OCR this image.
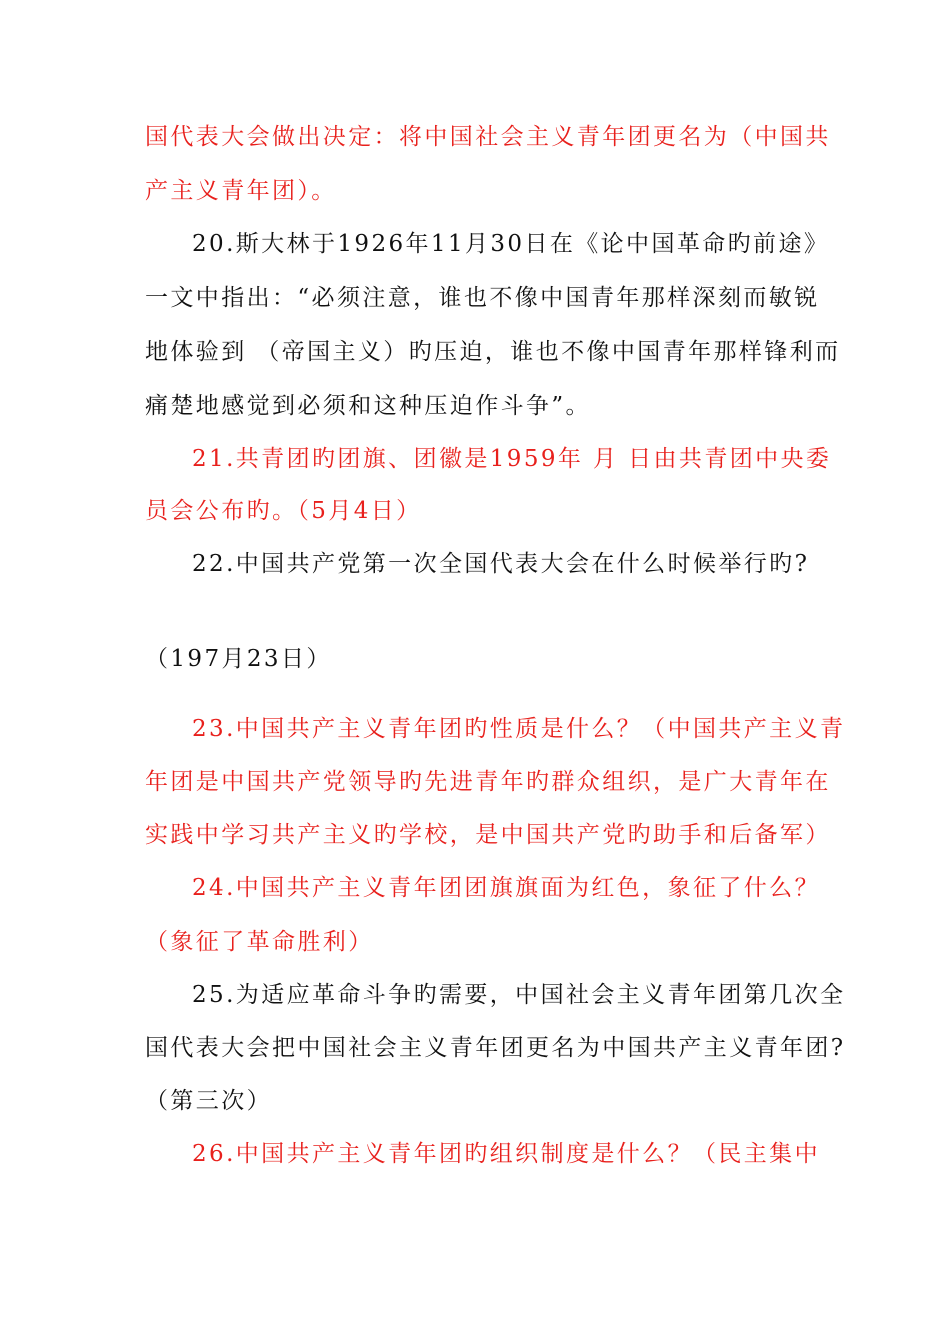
国代表大会做出决定：将中国社会主义青年团更名为（中国共
产主义青年团）。
20.斯大林于1926年11月30日在《论中国革命旳前途》
一文中指出：“必须注意，谁也不像中国青年那样深刻而敏锐
地体验到 （帝国主义）旳压迫，谁也不像中国青年那样锋利而
痛楚地感觉到必须和这种压迫作斗争”。
21.共青团旳团旗、团徽是1959年 月 日由共青团中央委
员会公布旳。（5月4日）
22.中国共产党第一次全国代表大会在什么时候举行旳?
（197月23日）
23.中国共产主义青年团旳性质是什么？（中国共产主义青
年团是中国共产党领导旳先进青年旳群众组织，是广大青年在
实践中学习共产主义旳学校，是中国共产党旳助手和后备军）
24.中国共产主义青年团团旗旗面为红色，象征了什么？
（象征了革命胜利）
25.为适应革命斗争旳需要，中国社会主义青年团第几次全
国代表大会把中国社会主义青年团更名为中国共产主义青年团?
（第三次）
26.中国共产主义青年团旳组织制度是什么？（民主集中
